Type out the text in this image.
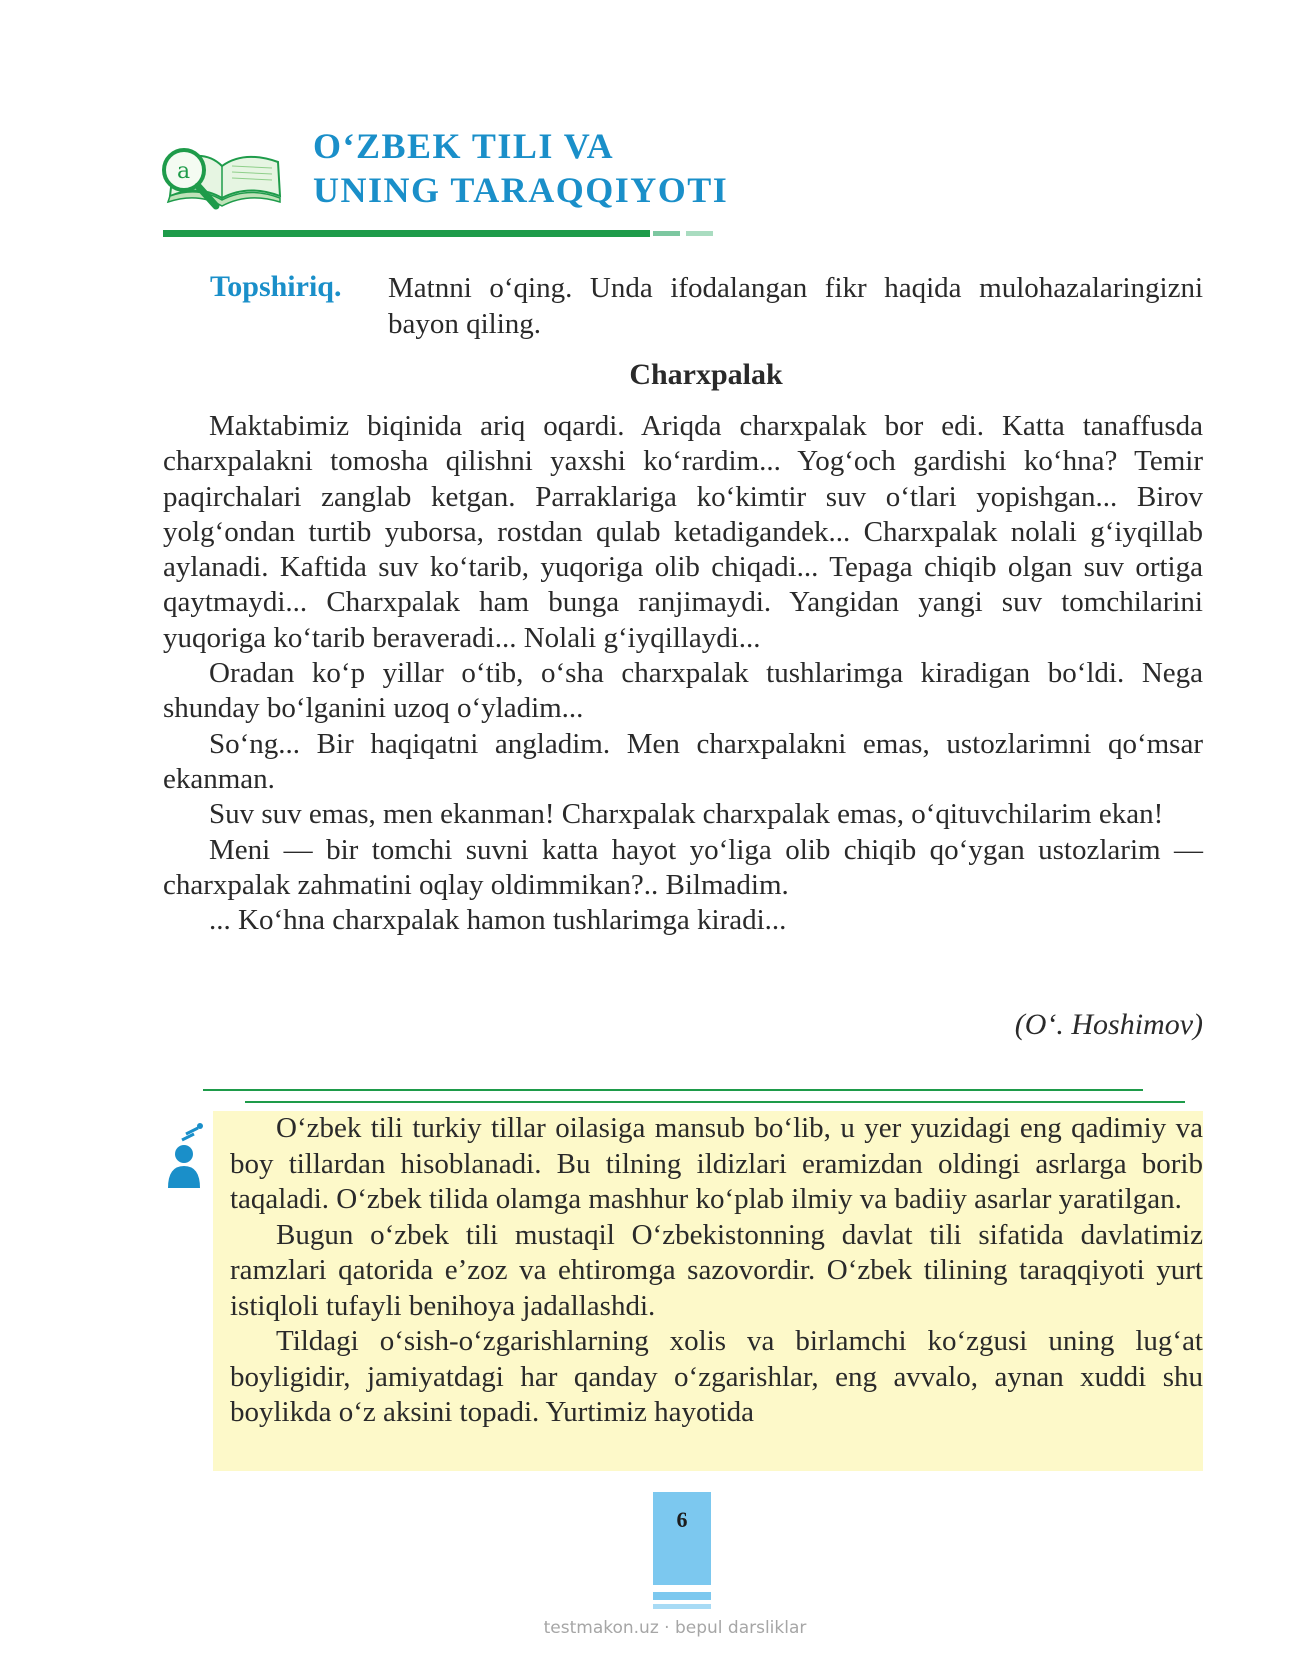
a
O‘ZBEK TILI VA
UNING TARAQQIYOTI
Topshiriq. Matnni o‘qing. Unda ifodalangan fikr haqida mulohazalaringizni bayon qiling.
Charxpalak

Maktabimiz biqinida ariq oqardi. Ariqda charxpalak bor edi. Katta tanaffusda charxpalakni tomosha qilishni yaxshi ko‘rardim... Yog‘och gardishi ko‘hna? Temir paqirchalari zanglab ketgan. Parraklariga ko‘kimtir suv o‘tlari yopishgan... Birov yolg‘ondan turtib yuborsa, rostdan qulab ketadigandek... Charxpalak nolali g‘iyqillab aylanadi. Kaftida suv ko‘tarib, yuqoriga olib chiqadi... Tepaga chiqib olgan suv ortiga qaytmaydi... Charxpalak ham bunga ranjimaydi. Yangidan yangi suv tomchilarini yuqoriga ko‘tarib beraveradi... Nolali g‘iyqillaydi...

Oradan ko‘p yillar o‘tib, o‘sha charxpalak tushlarimga kiradigan bo‘ldi. Nega shunday bo‘lganini uzoq o‘yladim...

So‘ng... Bir haqiqatni angladim. Men charxpalakni emas, ustozlarimni qo‘msar ekanman.

Suv suv emas, men ekanman! Charxpalak charxpalak emas, o‘qituvchilarim ekan!

Meni — bir tomchi suvni katta hayot yo‘liga olib chiqib qo‘ygan ustozlarim — charxpalak zahmatini oqlay oldimmikan?.. Bilmadim.

... Ko‘hna charxpalak hamon tushlarimga kiradi...

(O‘. Hoshimov)

O‘zbek tili turkiy tillar oilasiga mansub bo‘lib, u yer yuzidagi eng qadimiy va boy tillardan hisoblanadi. Bu tilning ildizlari eramizdan oldingi asrlarga borib taqaladi. O‘zbek tilida olamga mashhur ko‘plab ilmiy va badiiy asarlar yaratilgan.

Bugun o‘zbek tili mustaqil O‘zbekistonning davlat tili sifatida davlatimiz ramzlari qatorida e’zoz va ehtiromga sazovordir. O‘zbek tilining taraqqiyoti yurt istiqloli tufayli benihoya jadallashdi.

Tildagi o‘sish-o‘zgarishlarning xolis va birlamchi ko‘zgusi uning lug‘at boyligidir, jamiyatdagi har qanday o‘zgarishlar, eng avvalo, aynan xuddi shu boylikda o‘z aksini topadi. Yurtimiz hayotida

6
testmakon.uz · bepul darsliklar
